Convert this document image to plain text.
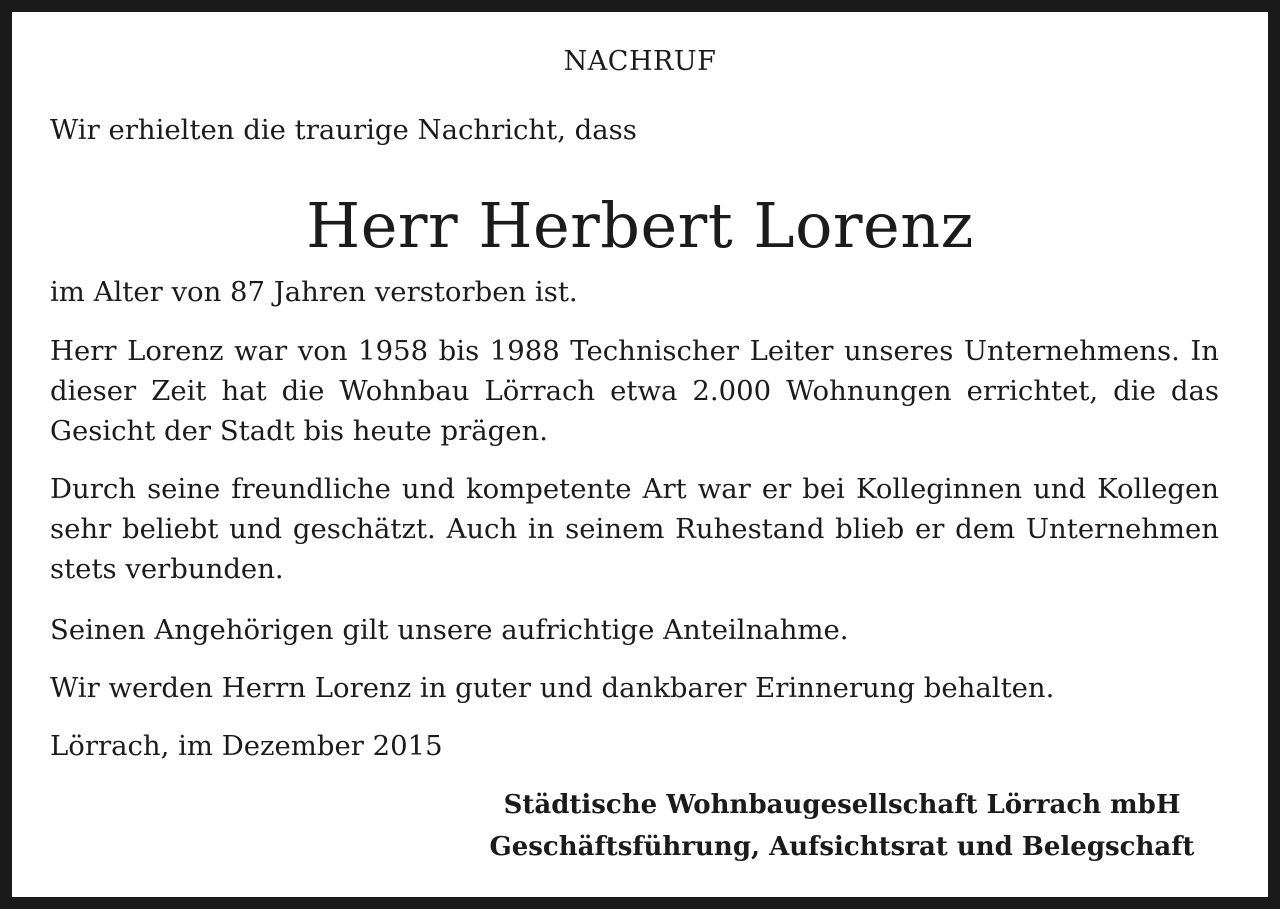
NACHRUF

Wir erhielten die traurige Nachricht, dass

Herr Herbert Lorenz

im Alter von 87 Jahren verstorben ist.

Herr Lorenz war von 1958 bis 1988 Technischer Leiter unseres Unternehmens. In dieser Zeit hat die Wohnbau Lörrach etwa 2.000 Wohnungen errichtet, die das Gesicht der Stadt bis heute prägen.

Durch seine freundliche und kompetente Art war er bei Kolleginnen und Kollegen sehr beliebt und geschätzt. Auch in seinem Ruhestand blieb er dem Unternehmen stets verbunden.

Seinen Angehörigen gilt unsere aufrichtige Anteilnahme.

Wir werden Herrn Lorenz in guter und dankbarer Erinnerung behalten.

Lörrach, im Dezember 2015

Städtische Wohnbaugesellschaft Lörrach mbH
Geschäftsführung, Aufsichtsrat und Belegschaft
